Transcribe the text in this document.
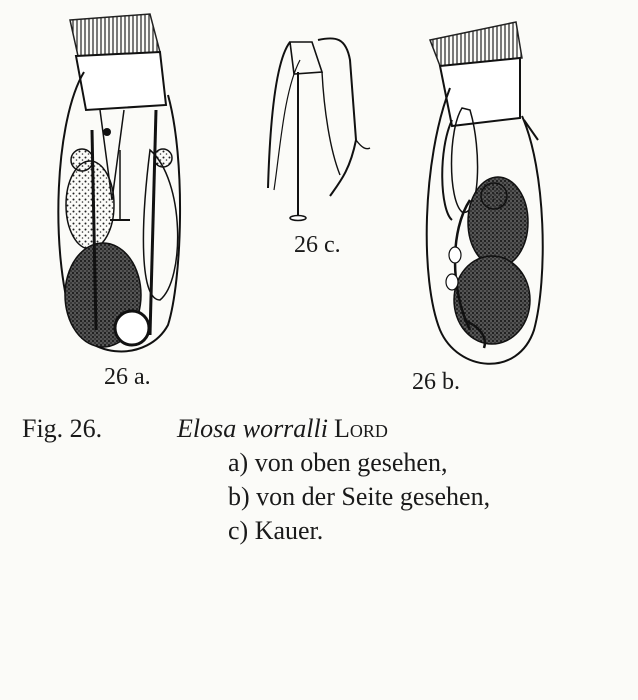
26 a.	26 b.
26 c.
Fig. 26.	Elosa worralli Lord
a) von oben gesehen,
b) von der Seite gesehen,
c) Kauer.
